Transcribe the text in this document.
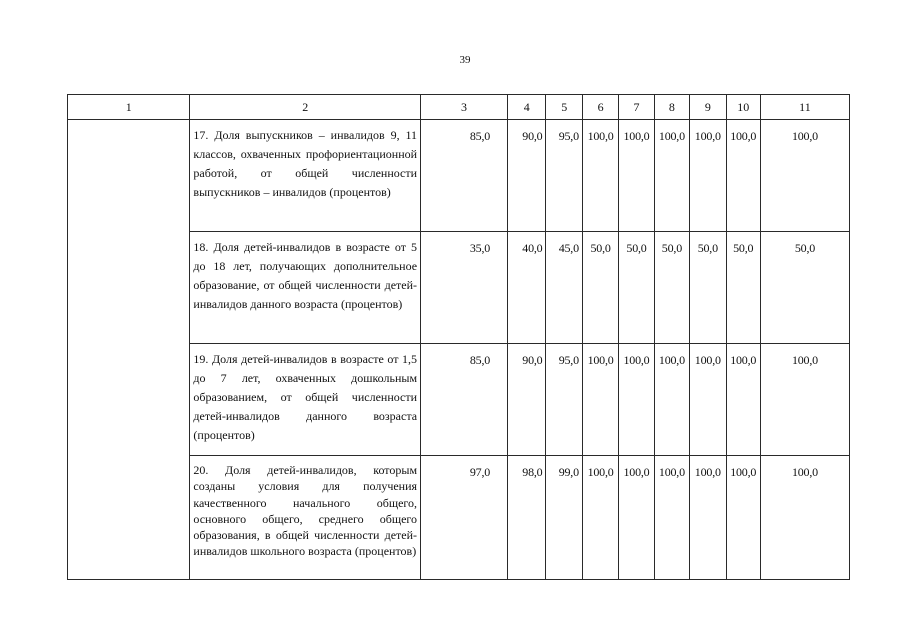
39
1	2	3	4	5	6	7	8	9	10	11
	17. Доля выпускников – инвалидов 9, 11 классов, охваченных профориентационной работой, от общей численности выпускников – инвалидов (процентов)	85,0	90,0	95,0	100,0	100,0	100,0	100,0	100,0	100,0
	18. Доля детей-инвалидов в возрасте от 5 до 18 лет, получающих дополнительное образование, от общей численности детей-инвалидов данного возраста (процентов)	35,0	40,0	45,0	50,0	50,0	50,0	50,0	50,0	50,0
	19. Доля детей-инвалидов в возрасте от 1,5 до 7 лет, охваченных дошкольным образованием, от общей численности детей-инвалидов данного возраста (процентов)	85,0	90,0	95,0	100,0	100,0	100,0	100,0	100,0	100,0
	20. Доля детей-инвалидов, которым созданы условия для получения качественного начального общего, основного общего, среднего общего образования, в общей численности детей-инвалидов школьного возраста (процентов)	97,0	98,0	99,0	100,0	100,0	100,0	100,0	100,0	100,0
